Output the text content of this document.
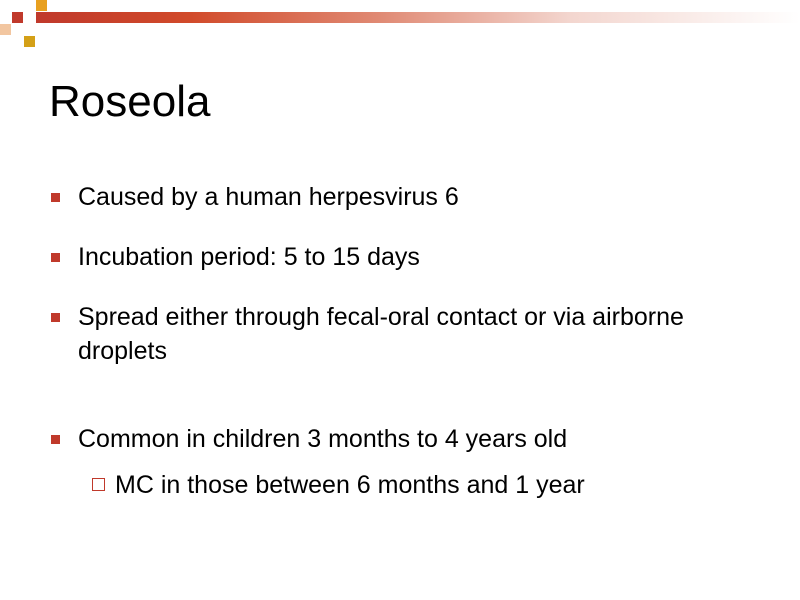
Roseola
Caused by a human herpesvirus 6
Incubation period: 5 to 15 days
Spread either through fecal-oral contact or via airborne droplets
Common in children 3 months to 4 years old
MC in those between 6 months and 1 year
